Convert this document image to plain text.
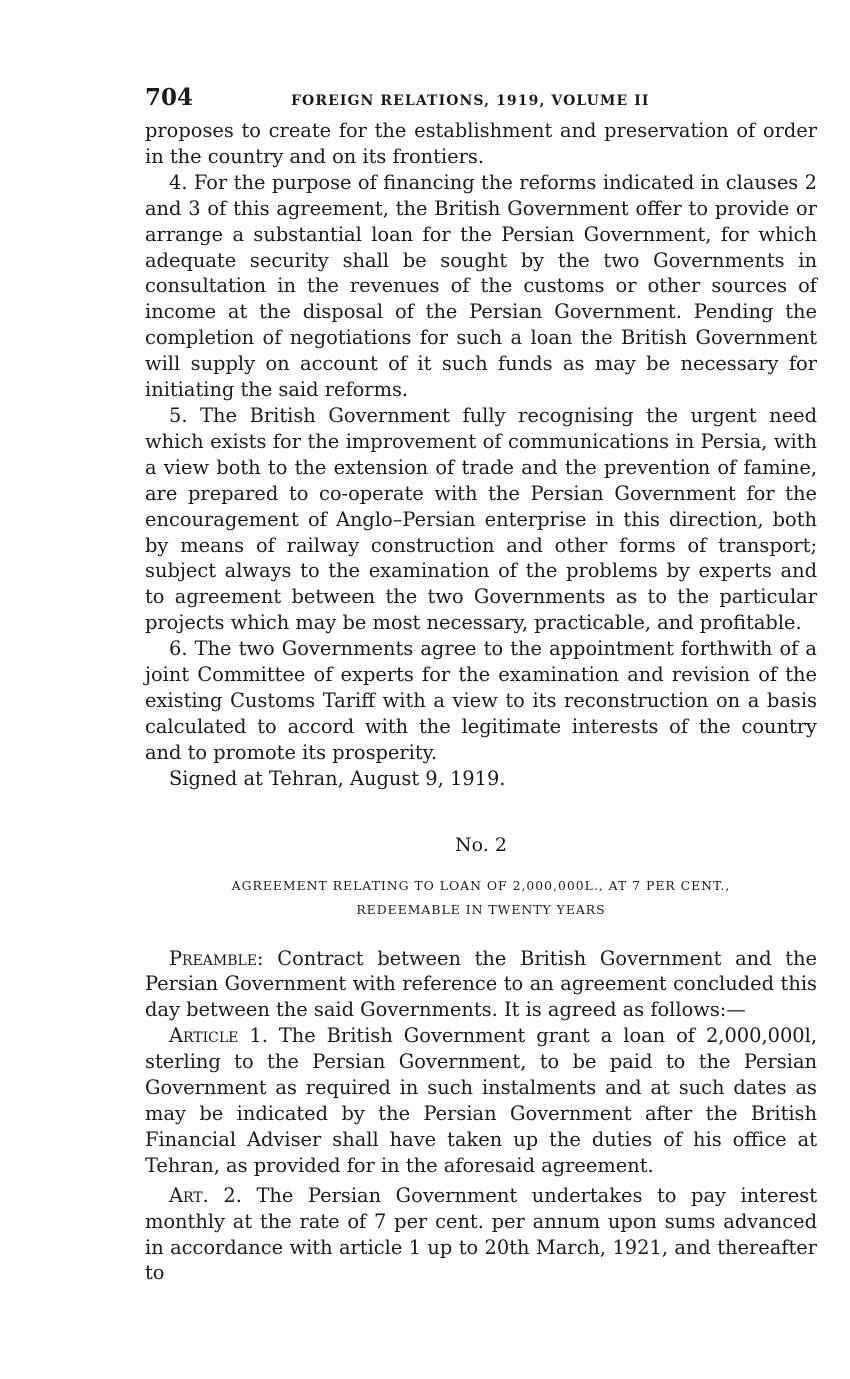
704	FOREIGN RELATIONS, 1919, VOLUME II

proposes to create for the establishment and preservation of order in the country and on its frontiers.

4. For the purpose of financing the reforms indicated in clauses 2 and 3 of this agreement, the British Government offer to provide or arrange a substantial loan for the Persian Government, for which adequate security shall be sought by the two Governments in consultation in the revenues of the customs or other sources of income at the disposal of the Persian Government. Pending the completion of negotiations for such a loan the British Government will supply on account of it such funds as may be necessary for initiating the said reforms.

5. The British Government fully recognising the urgent need which exists for the improvement of communications in Persia, with a view both to the extension of trade and the prevention of famine, are prepared to co-operate with the Persian Government for the encouragement of Anglo–Persian enterprise in this direction, both by means of railway construction and other forms of transport; subject always to the examination of the problems by experts and to agreement between the two Governments as to the particular projects which may be most necessary, practicable, and profitable.

6. The two Governments agree to the appointment forthwith of a joint Committee of experts for the examination and revision of the existing Customs Tariff with a view to its reconstruction on a basis calculated to accord with the legitimate interests of the country and to promote its prosperity.

Signed at Tehran, August 9, 1919.

No. 2
AGREEMENT RELATING TO LOAN OF 2,000,000L., AT 7 PER CENT.,
REDEEMABLE IN TWENTY YEARS

Preamble: Contract between the British Government and the Persian Government with reference to an agreement concluded this day between the said Governments. It is agreed as follows:—

Article 1. The British Government grant a loan of 2,000,000l, sterling to the Persian Government, to be paid to the Persian Government as required in such instalments and at such dates as may be indicated by the Persian Government after the British Financial Adviser shall have taken up the duties of his office at Tehran, as provided for in the aforesaid agreement.

Art. 2. The Persian Government undertakes to pay interest monthly at the rate of 7 per cent. per annum upon sums advanced in accordance with article 1 up to 20th March, 1921, and thereafter to
